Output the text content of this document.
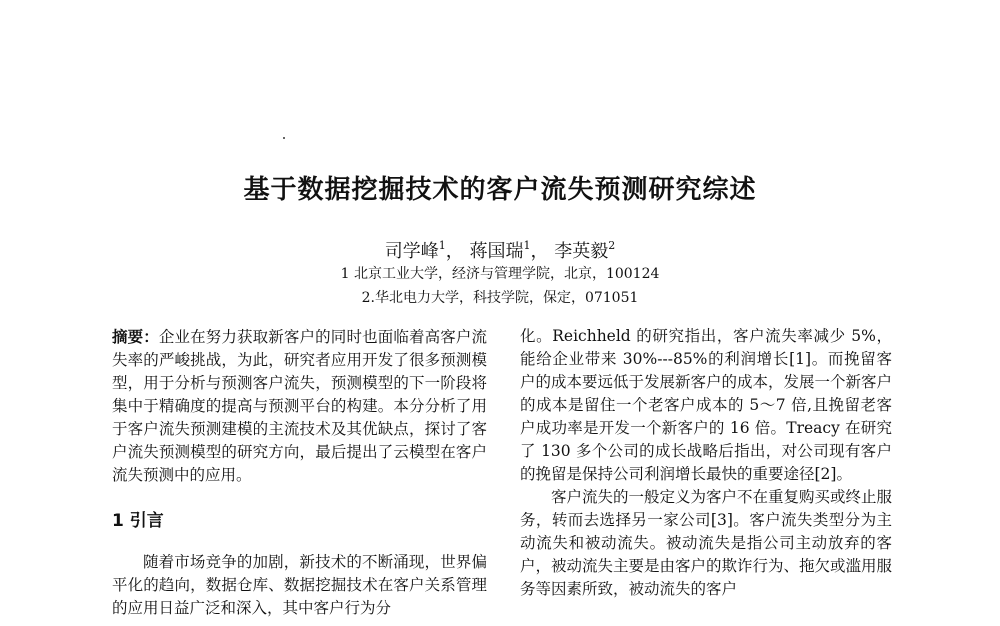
基于数据挖掘技术的客户流失预测研究综述
司学峰$^1$， 蒋国瑞$^1$， 李英毅$^2$
1 北京工业大学，经济与管理学院，北京，100124
2.华北电力大学，科技学院，保定，071051

摘要：企业在努力获取新客户的同时也面临着高客户流失率的严峻挑战，为此，研究者应用开发了很多预测模型，用于分析与预测客户流失，预测模型的下一阶段将集中于精确度的提高与预测平台的构建。本分分析了用于客户流失预测建模的主流技术及其优缺点，探讨了客户流失预测模型的研究方向，最后提出了云模型在客户流失预测中的应用。

1 引言
随着市场竞争的加剧，新技术的不断涌现，世界偏平化的趋向，数据仓库、数据挖掘技术在客户关系管理的应用日益广泛和深入，其中客户行为分

化。Reichheld 的研究指出，客户流失率减少 5%，能给企业带来 30%---85%的利润增长[1]。而挽留客户的成本要远低于发展新客户的成本，发展一个新客户的成本是留住一个老客户成本的 5～7 倍,且挽留老客户成功率是开发一个新客户的 16 倍。Treacy 在研究了 130 多个公司的成长战略后指出，对公司现有客户的挽留是保持公司利润增长最快的重要途径[2]。

客户流失的一般定义为客户不在重复购买或终止服务，转而去选择另一家公司[3]。客户流失类型分为主动流失和被动流失。被动流失是指公司主动放弃的客户，被动流失主要是由客户的欺诈行为、拖欠或滥用服务等因素所致，被动流失的客户
